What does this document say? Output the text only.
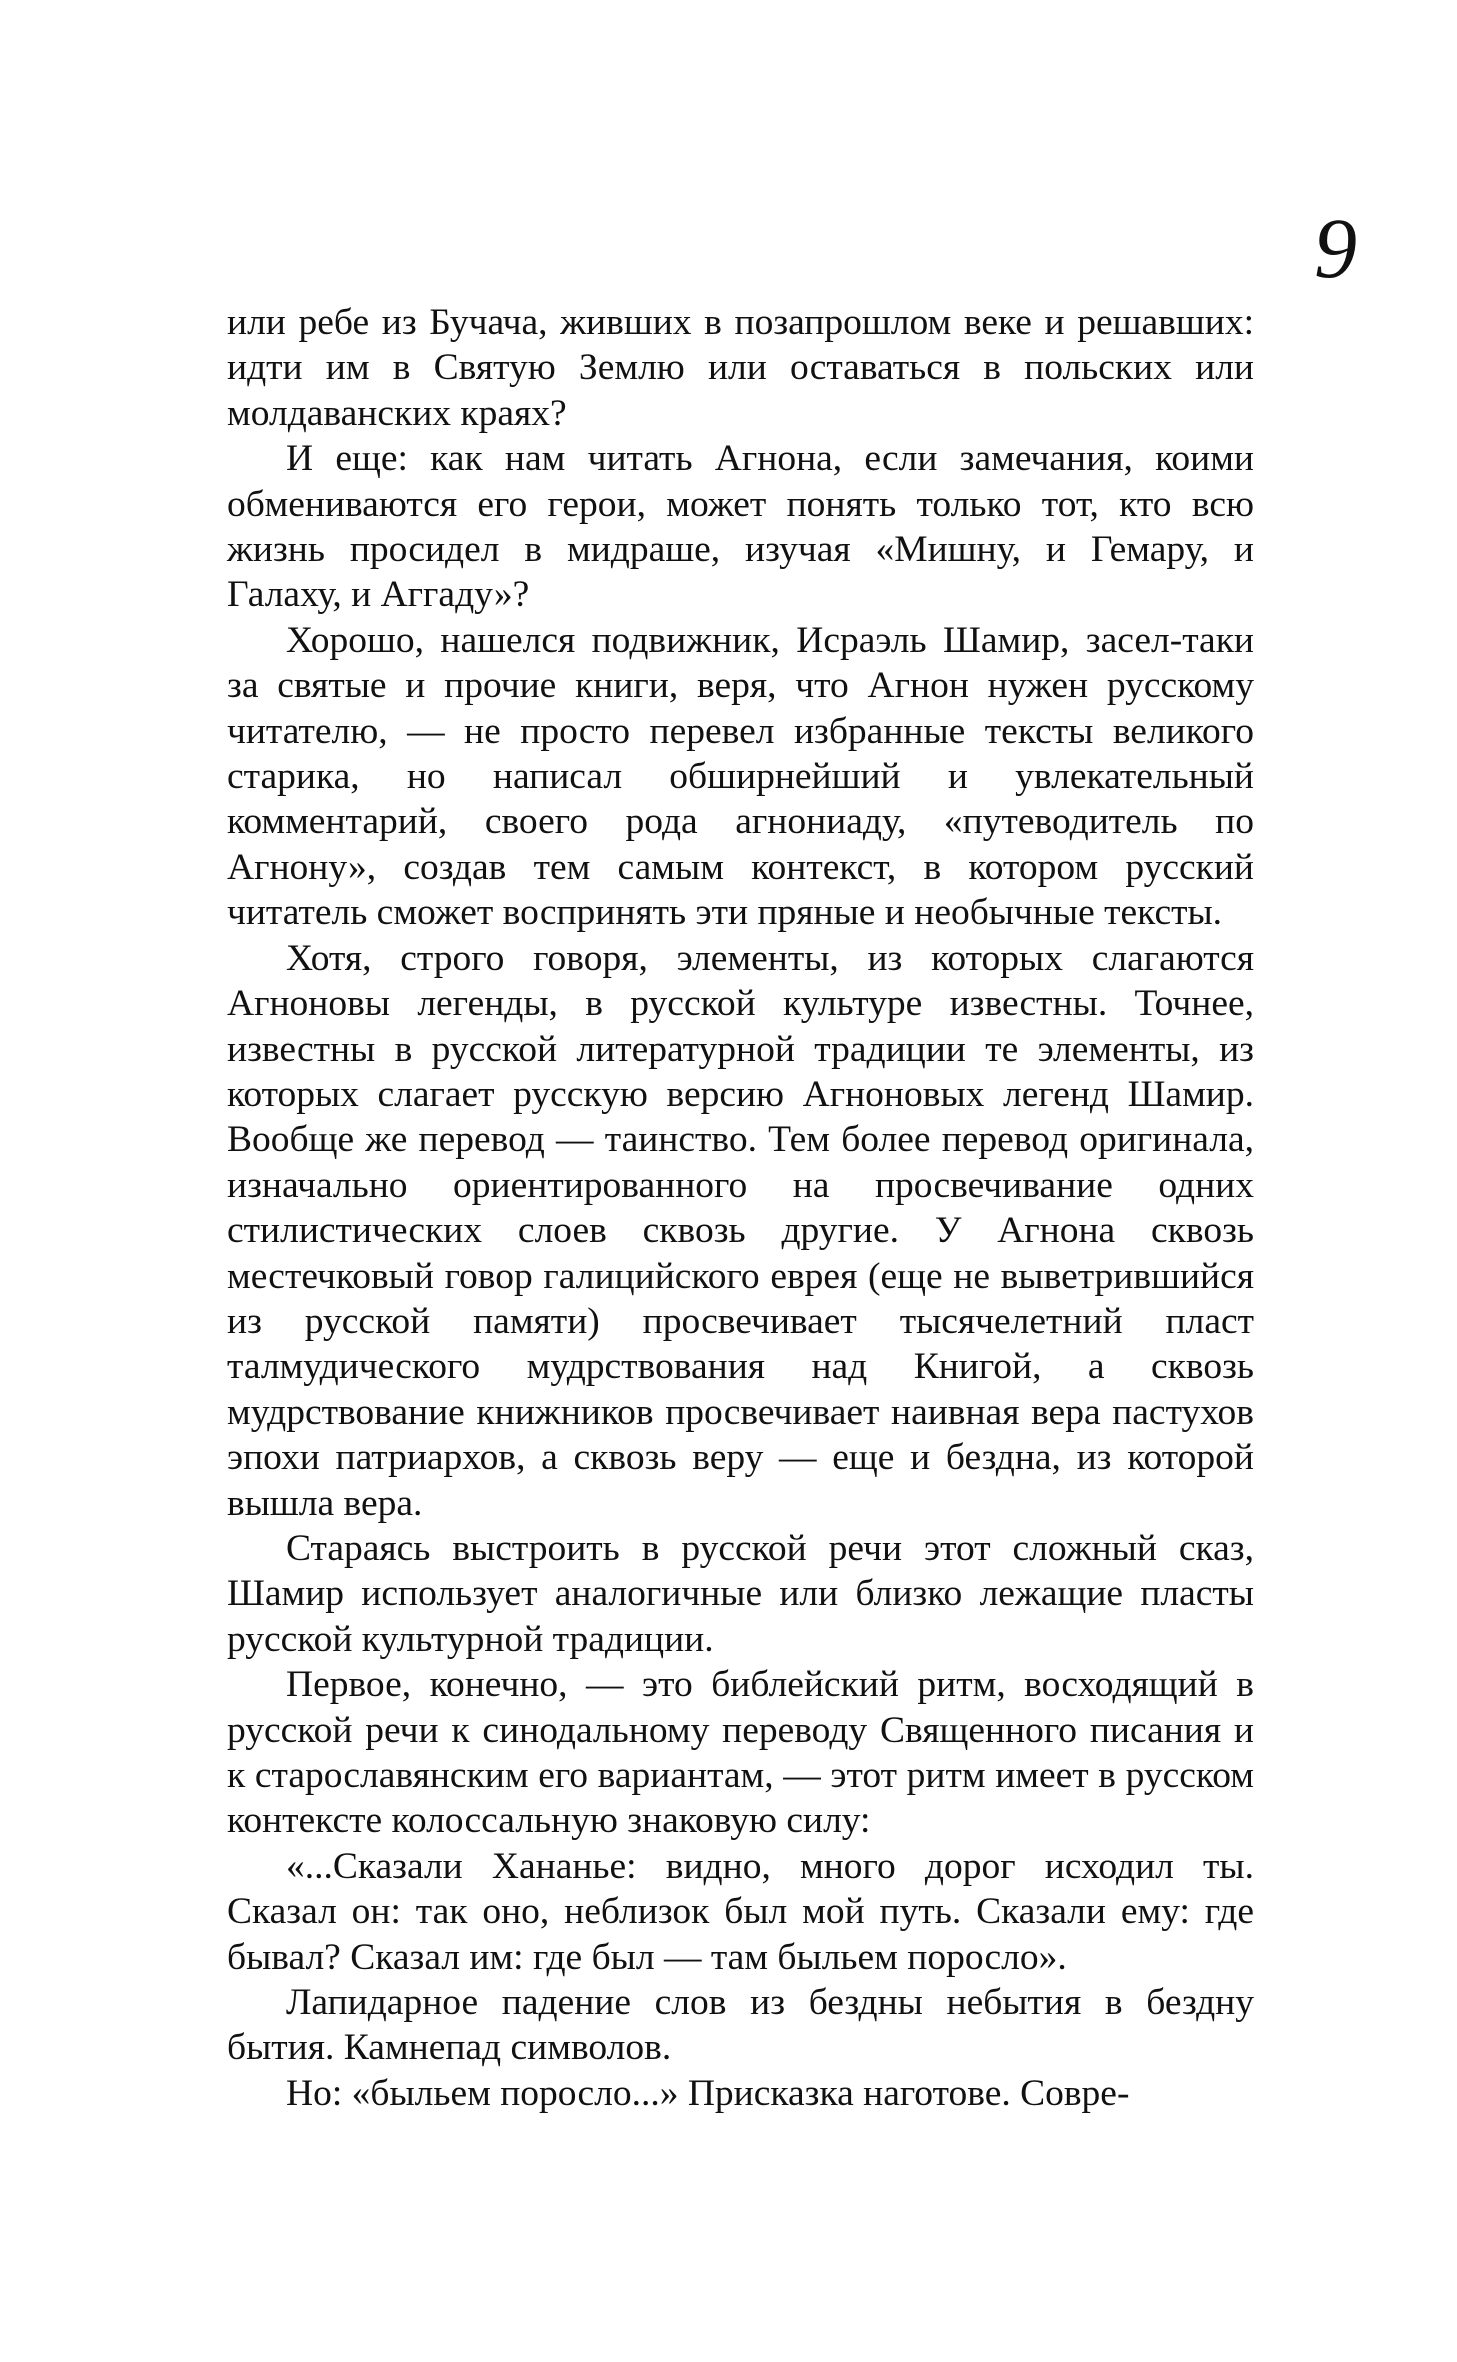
9

или ребе из Бучача, живших в позапрошлом веке и решавших: идти им в Святую Землю или оставаться в польских или молдаванских краях?

И еще: как нам читать Агнона, если замечания, коими обмениваются его герои, может понять только тот, кто всю жизнь просидел в мидраше, изучая «Мишну, и Гемару, и Галаху, и Аггаду»?

Хорошо, нашелся подвижник, Исраэль Шамир, засел-таки за святые и прочие книги, веря, что Агнон нужен русскому читателю, — не просто перевел избранные тексты великого старика, но написал обширнейший и увлекательный комментарий, своего рода агнониаду, «путеводитель по Агнону», создав тем самым контекст, в котором русский читатель сможет воспринять эти пряные и необычные тексты.

Хотя, строго говоря, элементы, из которых слагаются Агноновы легенды, в русской культуре известны. Точнее, известны в русской литературной традиции те элементы, из которых слагает русскую версию Агноновых легенд Шамир. Вообще же перевод — таинство. Тем более перевод оригинала, изначально ориентированного на просвечивание одних стилистических слоев сквозь другие. У Агнона сквозь местечковый говор галицийского еврея (еще не выветрившийся из русской памяти) просвечивает тысячелетний пласт талмудического мудрствования над Книгой, а сквозь мудрствование книжников просвечивает наивная вера пастухов эпохи патриархов, а сквозь веру — еще и бездна, из которой вышла вера.

Стараясь выстроить в русской речи этот сложный сказ, Шамир использует аналогичные или близко лежащие пласты русской культурной традиции.

Первое, конечно, — это библейский ритм, восходящий в русской речи к синодальному переводу Священного писания и к старославянским его вариантам, — этот ритм имеет в русском контексте колоссальную знаковую силу:

«...Сказали Хананье: видно, много дорог исходил ты. Сказал он: так оно, неблизок был мой путь. Сказали ему: где бывал? Сказал им: где был — там быльем поросло».

Лапидарное падение слов из бездны небытия в бездну бытия. Камнепад символов.

Но: «быльем поросло...» Присказка наготове. Совре-
